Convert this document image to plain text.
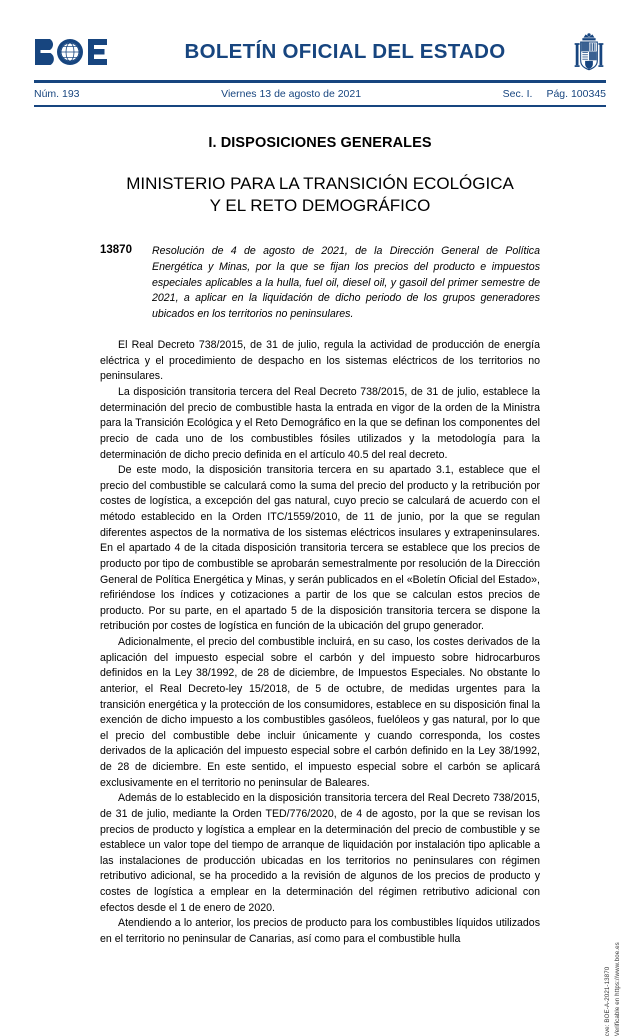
BOLETÍN OFICIAL DEL ESTADO
Núm. 193	Viernes 13 de agosto de 2021	Sec. I. Pág. 100345
I. DISPOSICIONES GENERALES
MINISTERIO PARA LA TRANSICIÓN ECOLÓGICA
Y EL RETO DEMOGRÁFICO
13870	Resolución de 4 de agosto de 2021, de la Dirección General de Política Energética y Minas, por la que se fijan los precios del producto e impuestos especiales aplicables a la hulla, fuel oil, diesel oil, y gasoil del primer semestre de 2021, a aplicar en la liquidación de dicho periodo de los grupos generadores ubicados en los territorios no peninsulares.

El Real Decreto 738/2015, de 31 de julio, regula la actividad de producción de energía eléctrica y el procedimiento de despacho en los sistemas eléctricos de los territorios no peninsulares.

La disposición transitoria tercera del Real Decreto 738/2015, de 31 de julio, establece la determinación del precio de combustible hasta la entrada en vigor de la orden de la Ministra para la Transición Ecológica y el Reto Demográfico en la que se definan los componentes del precio de cada uno de los combustibles fósiles utilizados y la metodología para la determinación de dicho precio definida en el artículo 40.5 del real decreto.

De este modo, la disposición transitoria tercera en su apartado 3.1, establece que el precio del combustible se calculará como la suma del precio del producto y la retribución por costes de logística, a excepción del gas natural, cuyo precio se calculará de acuerdo con el método establecido en la Orden ITC/1559/2010, de 11 de junio, por la que se regulan diferentes aspectos de la normativa de los sistemas eléctricos insulares y extrapeninsulares. En el apartado 4 de la citada disposición transitoria tercera se establece que los precios de producto por tipo de combustible se aprobarán semestralmente por resolución de la Dirección General de Política Energética y Minas, y serán publicados en el «Boletín Oficial del Estado», refiriéndose los índices y cotizaciones a partir de los que se calculan estos precios de producto. Por su parte, en el apartado 5 de la disposición transitoria tercera se dispone la retribución por costes de logística en función de la ubicación del grupo generador.

Adicionalmente, el precio del combustible incluirá, en su caso, los costes derivados de la aplicación del impuesto especial sobre el carbón y del impuesto sobre hidrocarburos definidos en la Ley 38/1992, de 28 de diciembre, de Impuestos Especiales. No obstante lo anterior, el Real Decreto-ley 15/2018, de 5 de octubre, de medidas urgentes para la transición energética y la protección de los consumidores, establece en su disposición final la exención de dicho impuesto a los combustibles gasóleos, fuelóleos y gas natural, por lo que el precio del combustible debe incluir únicamente y cuando corresponda, los costes derivados de la aplicación del impuesto especial sobre el carbón definido en la Ley 38/1992, de 28 de diciembre. En este sentido, el impuesto especial sobre el carbón se aplicará exclusivamente en el territorio no peninsular de Baleares.

Además de lo establecido en la disposición transitoria tercera del Real Decreto 738/2015, de 31 de julio, mediante la Orden TED/776/2020, de 4 de agosto, por la que se revisan los precios de producto y logística a emplear en la determinación del precio de combustible y se establece un valor tope del tiempo de arranque de liquidación por instalación tipo aplicable a las instalaciones de producción ubicadas en los territorios no peninsulares con régimen retributivo adicional, se ha procedido a la revisión de algunos de los precios de producto y costes de logística a emplear en la determinación del régimen retributivo adicional con efectos desde el 1 de enero de 2020.

Atendiendo a lo anterior, los precios de producto para los combustibles líquidos utilizados en el territorio no peninsular de Canarias, así como para el combustible hulla

cve: BOE-A-2021-13870 Verificable en https://www.boe.es
